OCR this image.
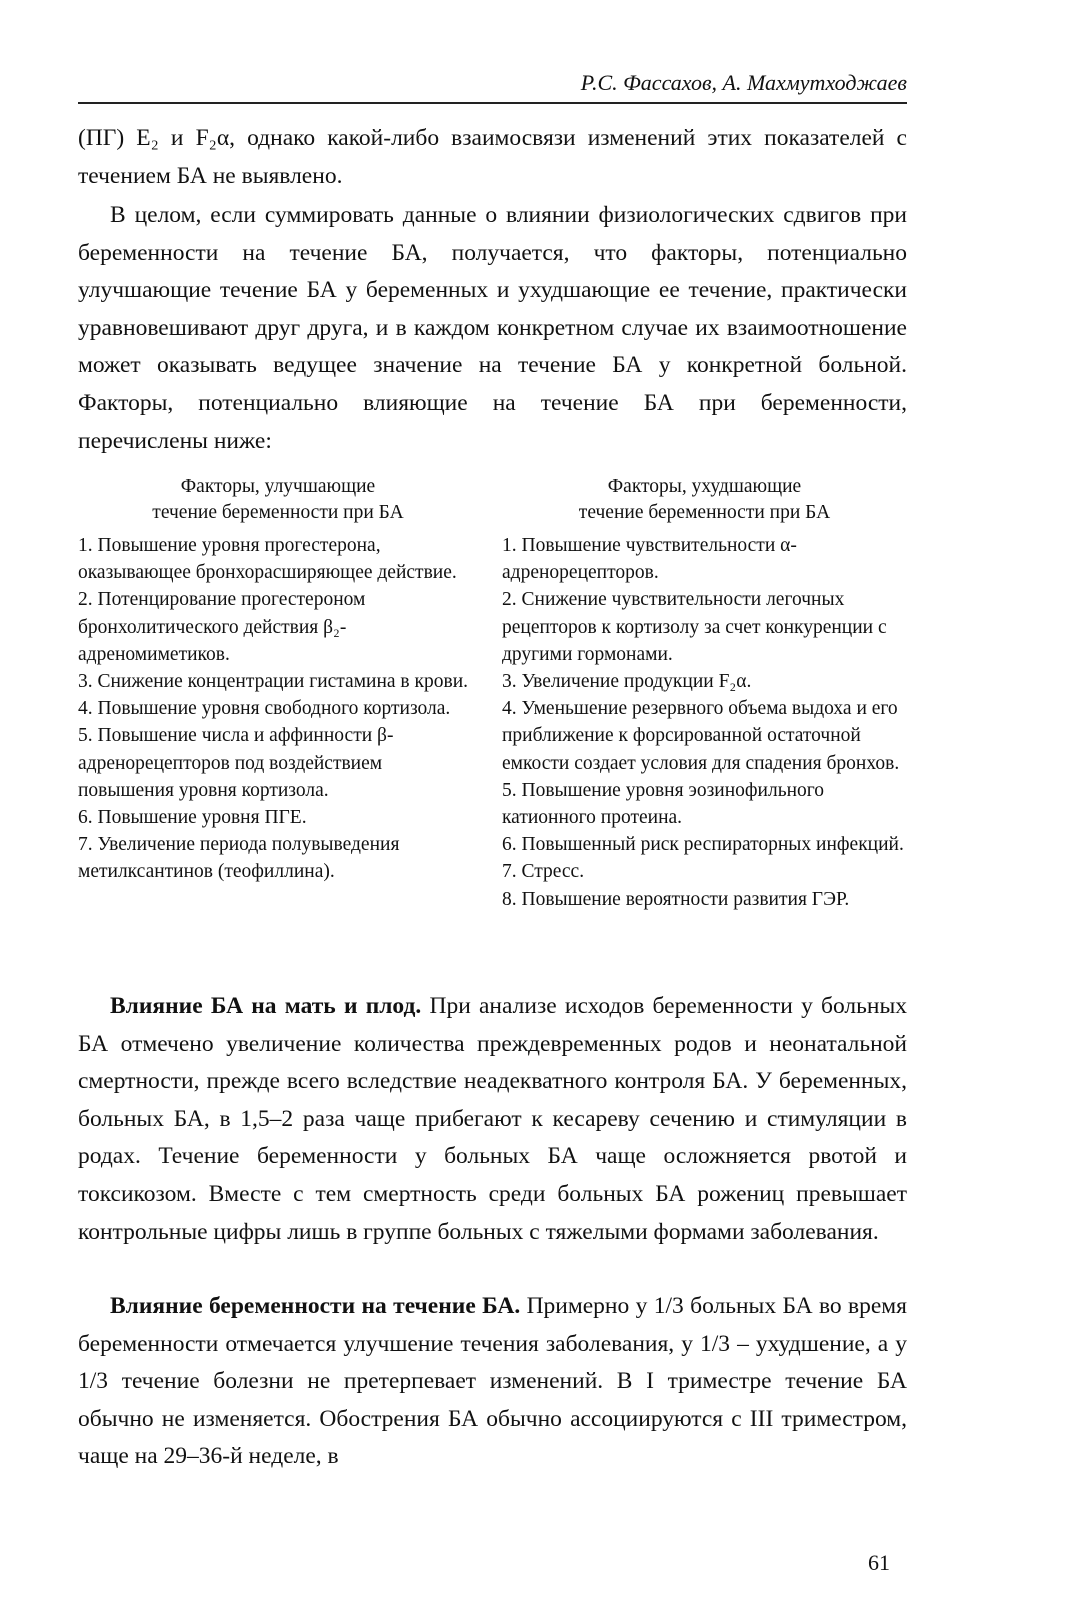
Р.С. Фассахов, А. Махмутходжаев

(ПГ) E₂ и F₂α, однако какой-либо взаимосвязи изменений этих показателей с течением БА не выявлено.

В целом, если суммировать данные о влиянии физиологических сдвигов при беременности на течение БА, получается, что факторы, потенциально улучшающие течение БА у беременных и ухудшающие ее течение, практически уравновешивают друг друга, и в каждом конкретном случае их взаимоотношение может оказывать ведущее значение на течение БА у конкретной больной. Факторы, потенциально влияющие на течение БА при беременности, перечислены ниже:

Факторы, улучшающие
течение беременности при БА

1. Повышение уровня прогестерона, оказывающее бронхорасширяющее действие.

2. Потенцирование прогестероном бронхолитического действия β₂-адреномиметиков.

3. Снижение концентрации гистамина в крови.

4. Повышение уровня свободного кортизола.

5. Повышение числа и аффинности β-адренорецепторов под воздействием повышения уровня кортизола.

6. Повышение уровня ПГЕ.

7. Увеличение периода полувыведения метилксантинов (теофиллина).

Факторы, ухудшающие
течение беременности при БА

1. Повышение чувствительности α-адренорецепторов.

2. Снижение чувствительности легочных рецепторов к кортизолу за счет конкуренции с другими гормонами.

3. Увеличение продукции F₂α.

4. Уменьшение резервного объема выдоха и его приближение к форсированной остаточной емкости создает условия для спадения бронхов.

5. Повышение уровня эозинофильного катионного протеина.

6. Повышенный риск респираторных инфекций.

7. Стресс.

8. Повышение вероятности развития ГЭР.

Влияние БА на мать и плод. При анализе исходов беременности у больных БА отмечено увеличение количества преждевременных родов и неонатальной смертности, прежде всего вследствие неадекватного контроля БА. У беременных, больных БА, в 1,5–2 раза чаще прибегают к кесареву сечению и стимуляции в родах. Течение беременности у больных БА чаще осложняется рвотой и токсикозом. Вместе с тем смертность среди больных БА рожениц превышает контрольные цифры лишь в группе больных с тяжелыми формами заболевания.

Влияние беременности на течение БА. Примерно у 1/3 больных БА во время беременности отмечается улучшение течения заболевания, у 1/3 – ухудшение, а у 1/3 течение болезни не претерпевает изменений. В I триместре течение БА обычно не изменяется. Обострения БА обычно ассоциируются с III триместром, чаще на 29–36-й неделе, в

61
